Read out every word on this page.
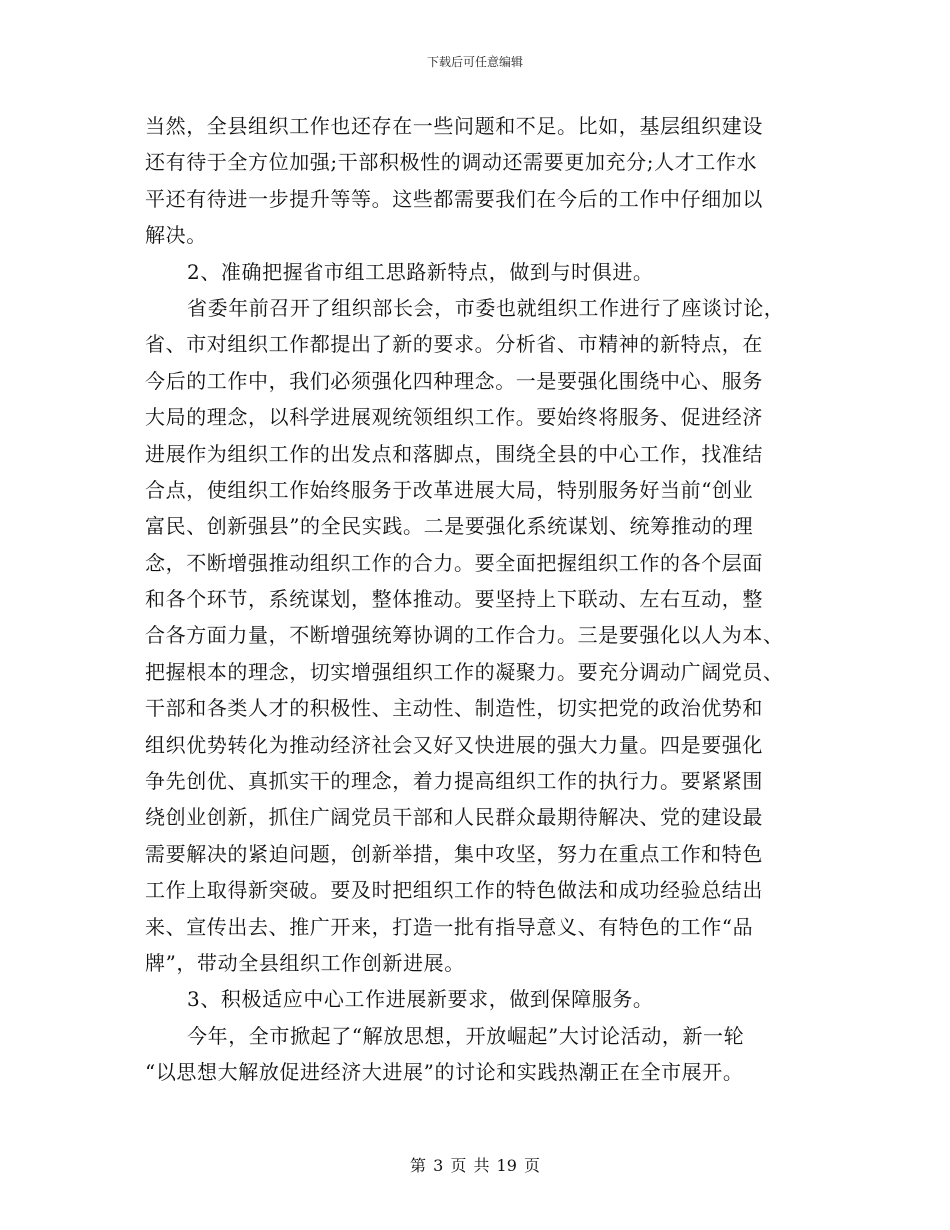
下载后可任意编辑
当然，全县组织工作也还存在一些问题和不足。比如，基层组织建设
还有待于全方位加强;干部积极性的调动还需要更加充分;人才工作水
平还有待进一步提升等等。这些都需要我们在今后的工作中仔细加以
解决。
2、准确把握省市组工思路新特点，做到与时俱进。
省委年前召开了组织部长会，市委也就组织工作进行了座谈讨论，
省、市对组织工作都提出了新的要求。分析省、市精神的新特点，在
今后的工作中，我们必须强化四种理念。一是要强化围绕中心、服务
大局的理念，以科学进展观统领组织工作。要始终将服务、促进经济
进展作为组织工作的出发点和落脚点，围绕全县的中心工作，找准结
合点，使组织工作始终服务于改革进展大局，特别服务好当前“创业
富民、创新强县”的全民实践。二是要强化系统谋划、统筹推动的理
念，不断增强推动组织工作的合力。要全面把握组织工作的各个层面
和各个环节，系统谋划，整体推动。要坚持上下联动、左右互动，整
合各方面力量，不断增强统筹协调的工作合力。三是要强化以人为本、
把握根本的理念，切实增强组织工作的凝聚力。要充分调动广阔党员、
干部和各类人才的积极性、主动性、制造性，切实把党的政治优势和
组织优势转化为推动经济社会又好又快进展的强大力量。四是要强化
争先创优、真抓实干的理念，着力提高组织工作的执行力。要紧紧围
绕创业创新，抓住广阔党员干部和人民群众最期待解决、党的建设最
需要解决的紧迫问题，创新举措，集中攻坚，努力在重点工作和特色
工作上取得新突破。要及时把组织工作的特色做法和成功经验总结出
来、宣传出去、推广开来，打造一批有指导意义、有特色的工作“品
牌”，带动全县组织工作创新进展。
3、积极适应中心工作进展新要求，做到保障服务。
今年，全市掀起了“解放思想，开放崛起”大讨论活动，新一轮
“以思想大解放促进经济大进展”的讨论和实践热潮正在全市展开。
第 3 页 共 19 页
